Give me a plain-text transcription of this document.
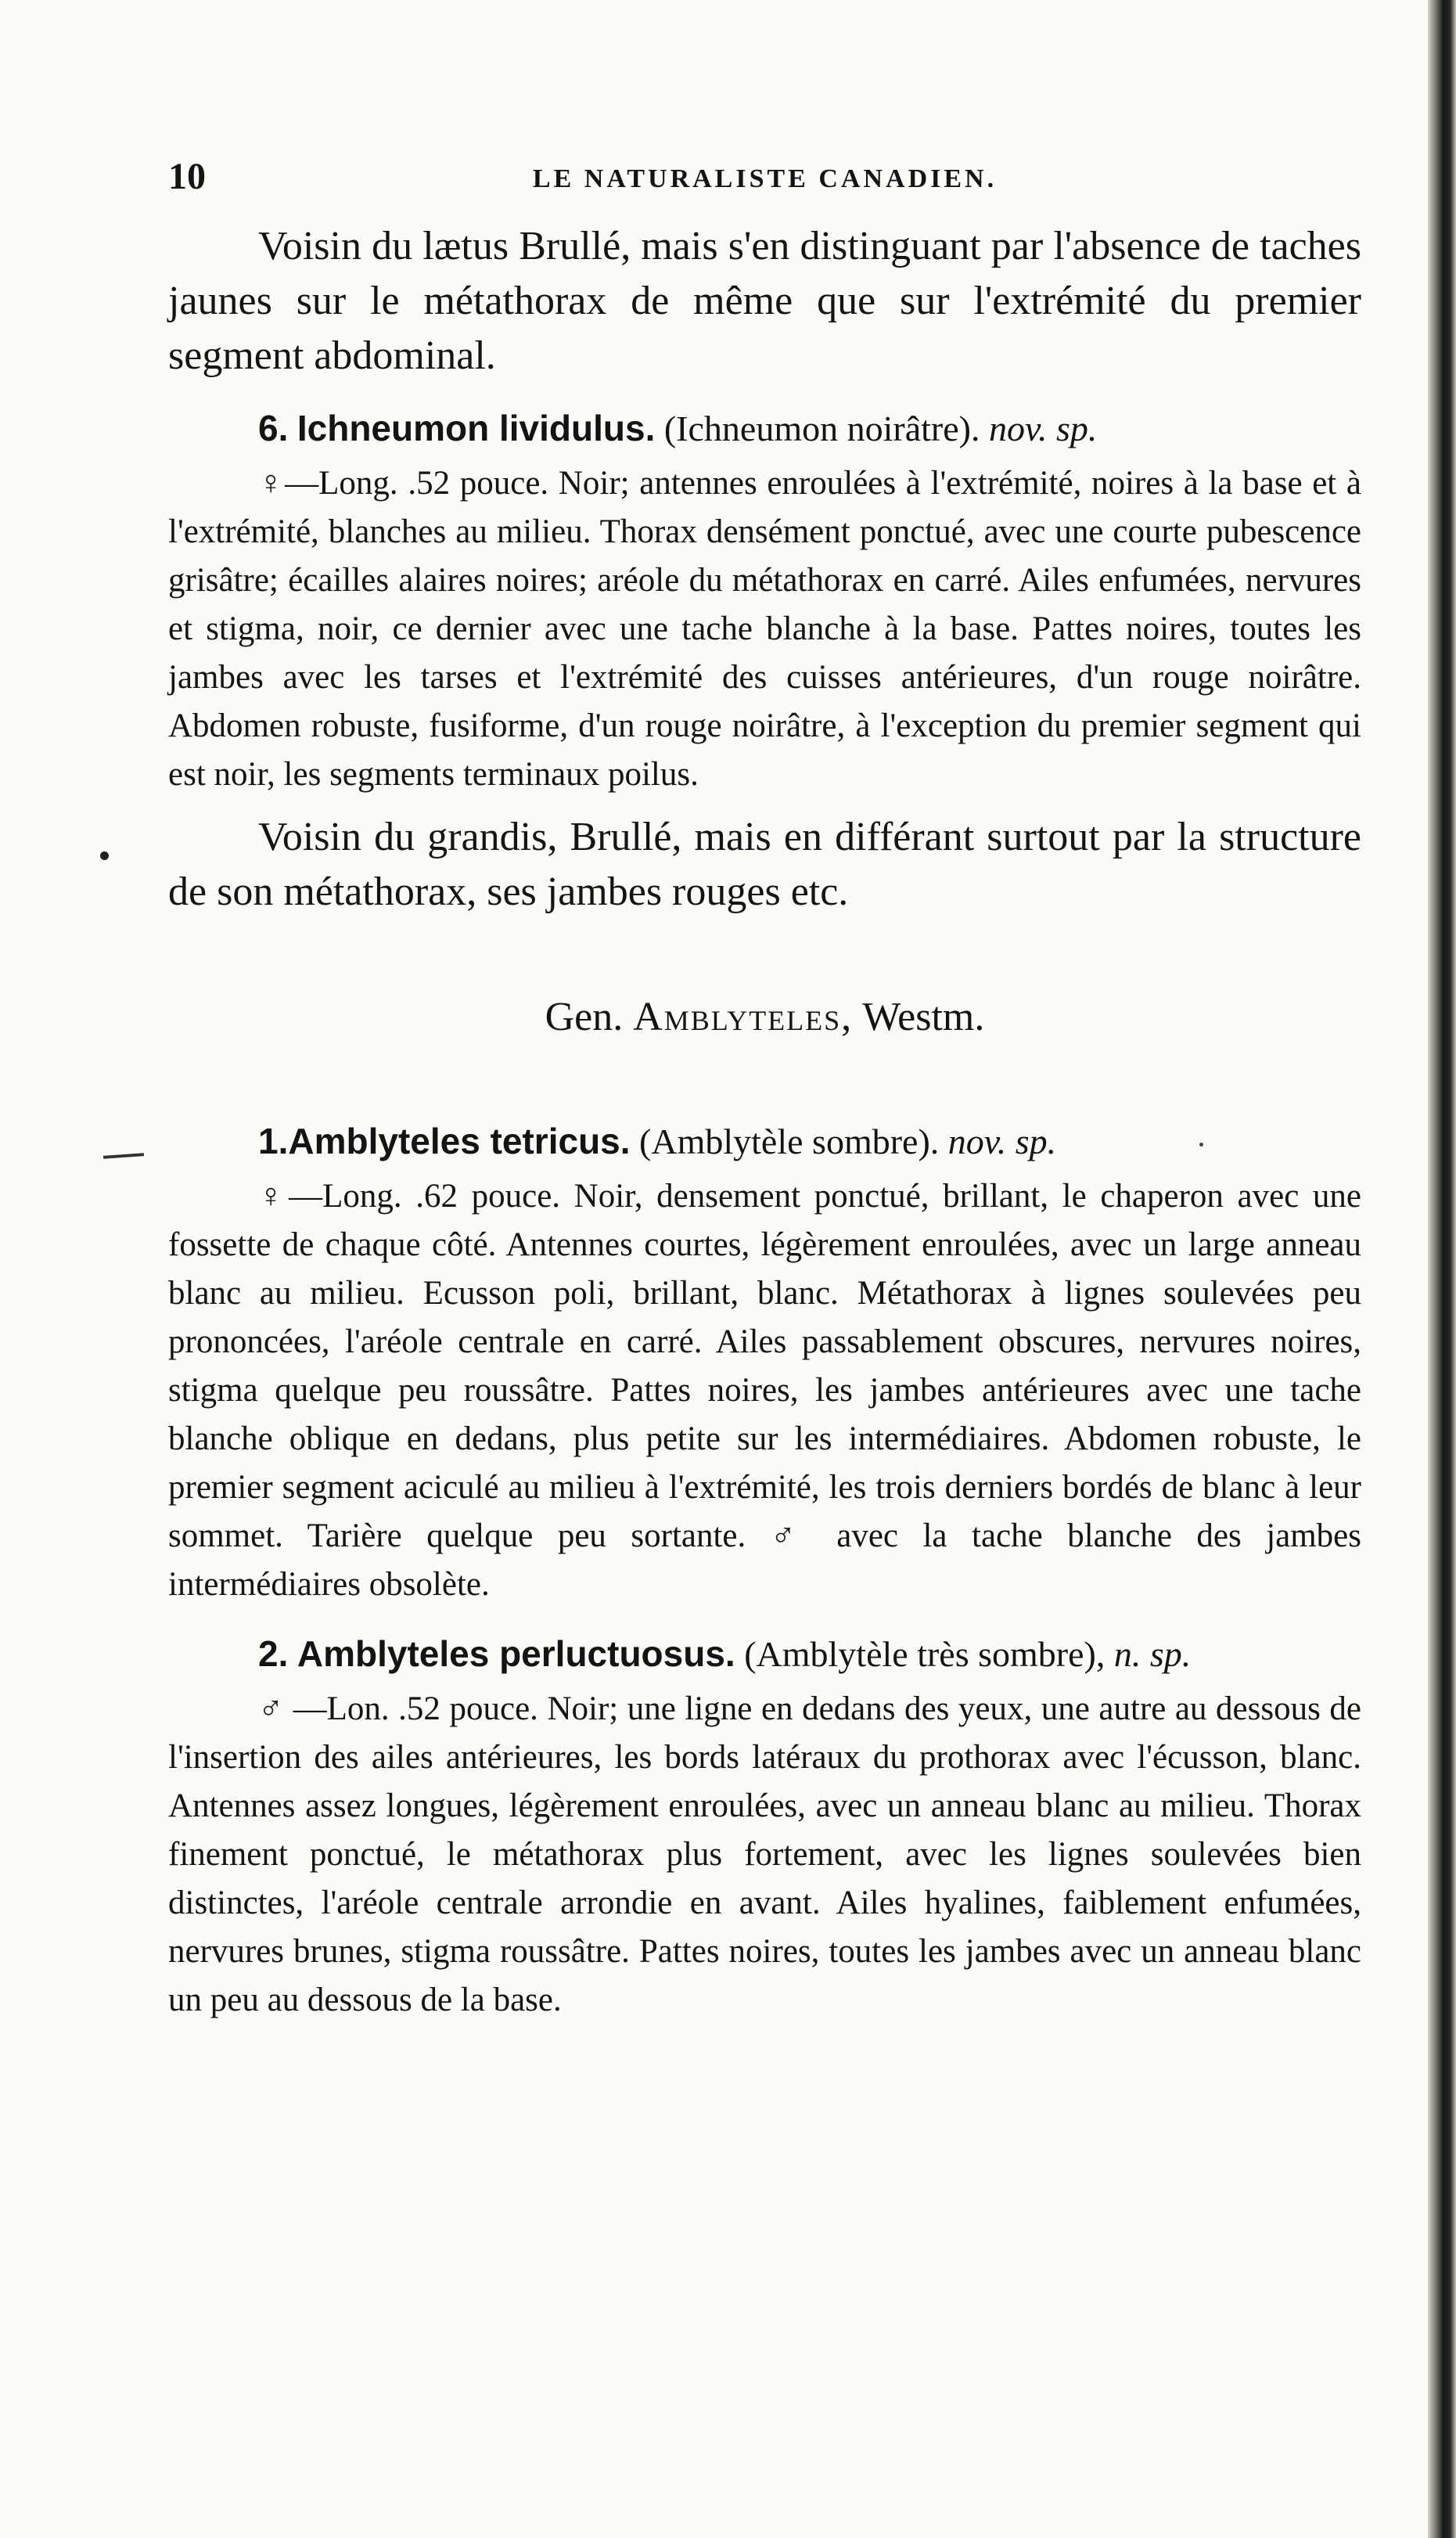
10	LE NATURALISTE CANADIEN.

Voisin du lætus Brullé, mais s'en distinguant par l'absence de taches jaunes sur le métathorax de même que sur l'extrémité du premier segment abdominal.

6. Ichneumon lividulus. (Ichneumon noirâtre). nov. sp.

♀—Long. .52 pouce. Noir; antennes enroulées à l'extrémité, noires à la base et à l'extrémité, blanches au milieu. Thorax densément ponctué, avec une courte pubescence grisâtre; écailles alaires noires; aréole du métathorax en carré. Ailes enfumées, nervures et stigma, noir, ce dernier avec une tache blanche à la base. Pattes noires, toutes les jambes avec les tarses et l'extrémité des cuisses antérieures, d'un rouge noirâtre. Abdomen robuste, fusiforme, d'un rouge noirâtre, à l'exception du premier segment qui est noir, les segments terminaux poilus.

Voisin du grandis, Brullé, mais en différant surtout par la structure de son métathorax, ses jambes rouges etc.

Gen. Amblyteles, Westm.
1.Amblyteles tetricus. (Amblytèle sombre). nov. sp.

♀—Long. .62 pouce. Noir, densement ponctué, brillant, le chaperon avec une fossette de chaque côté. Antennes courtes, légèrement enroulées, avec un large anneau blanc au milieu. Ecusson poli, brillant, blanc. Métathorax à lignes soulevées peu prononcées, l'aréole centrale en carré. Ailes passablement obscures, nervures noires, stigma quelque peu roussâtre. Pattes noires, les jambes antérieures avec une tache blanche oblique en dedans, plus petite sur les intermédiaires. Abdomen robuste, le premier segment aciculé au milieu à l'extrémité, les trois derniers bordés de blanc à leur sommet. Tarière quelque peu sortante. ♂ avec la tache blanche des jambes intermédiaires obsolète.

2. Amblyteles perluctuosus. (Amblytèle très sombre), n. sp.

♂ —Lon. .52 pouce. Noir; une ligne en dedans des yeux, une autre au dessous de l'insertion des ailes antérieures, les bords latéraux du prothorax avec l'écusson, blanc. Antennes assez longues, légèrement enroulées, avec un anneau blanc au milieu. Thorax finement ponctué, le métathorax plus fortement, avec les lignes soulevées bien distinctes, l'aréole centrale arrondie en avant. Ailes hyalines, faiblement enfumées, nervures brunes, stigma roussâtre. Pattes noires, toutes les jambes avec un anneau blanc un peu au dessous de la base.
